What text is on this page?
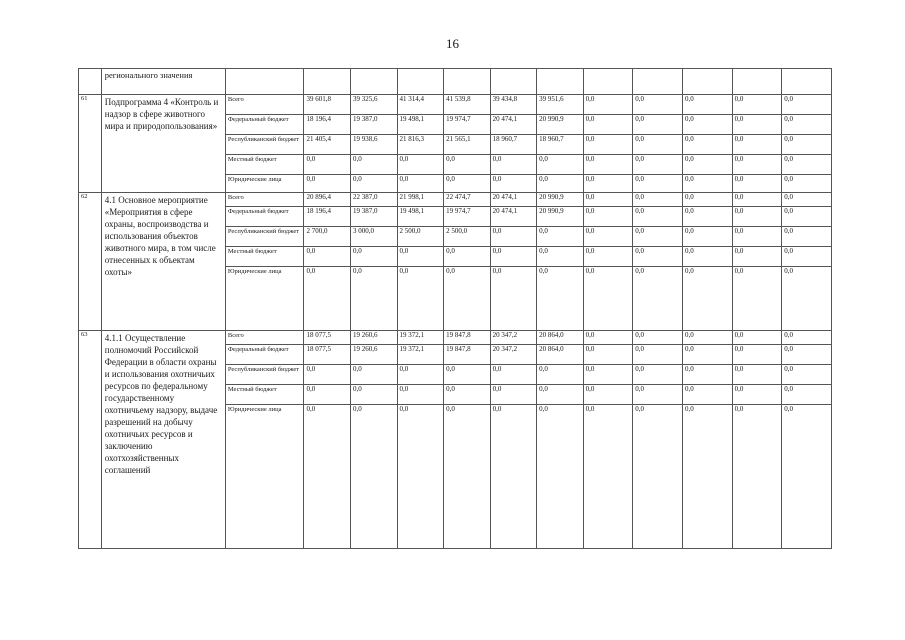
16
	регионального значения												
61	Подпрограмма 4 «Контроль и надзор в сфере животного мира и природопользования»	Всего	39 601,8	39 325,6	41 314,4	41 539,8	39 434,8	39 951,6	0,0	0,0	0,0	0,0	0,0
		Федеральный бюджет	18 196,4	19 387,0	19 498,1	19 974,7	20 474,1	20 990,9	0,0	0,0	0,0	0,0	0,0
		Республиканский бюджет	21 405,4	19 938,6	21 816,3	21 565,1	18 960,7	18 960,7	0,0	0,0	0,0	0,0	0,0
		Местный бюджет	0,0	0,0	0,0	0,0	0,0	0,0	0,0	0,0	0,0	0,0	0,0
		Юридические лица	0,0	0,0	0,0	0,0	0,0	0,0	0,0	0,0	0,0	0,0	0,0
62	4.1 Основное мероприятие «Мероприятия в сфере охраны, воспроизводства и использования объектов животного мира, в том числе отнесенных к объектам охоты»	Всего	20 896,4	22 387,0	21 998,1	22 474,7	20 474,1	20 990,9	0,0	0,0	0,0	0,0	0,0
		Федеральный бюджет	18 196,4	19 387,0	19 498,1	19 974,7	20 474,1	20 990,9	0,0	0,0	0,0	0,0	0,0
		Республиканский бюджет	2 700,0	3 000,0	2 500,0	2 500,0	0,0	0,0	0,0	0,0	0,0	0,0	0,0
		Местный бюджет	0,0	0,0	0,0	0,0	0,0	0,0	0,0	0,0	0,0	0,0	0,0
		Юридические лица	0,0	0,0	0,0	0,0	0,0	0,0	0,0	0,0	0,0	0,0	0,0
63	4.1.1 Осуществление полномочий Российской Федерации в области охраны и использования охотничьих ресурсов по федеральному государственному охотничьему надзору, выдаче разрешений на добычу охотничьих ресурсов и заключению охотхозяйственных соглашений	Всего	18 077,5	19 260,6	19 372,1	19 847,8	20 347,2	20 864,0	0,0	0,0	0,0	0,0	0,0
		Федеральный бюджет	18 077,5	19 260,6	19 372,1	19 847,8	20 347,2	20 864,0	0,0	0,0	0,0	0,0	0,0
		Республиканский бюджет	0,0	0,0	0,0	0,0	0,0	0,0	0,0	0,0	0,0	0,0	0,0
		Местный бюджет	0,0	0,0	0,0	0,0	0,0	0,0	0,0	0,0	0,0	0,0	0,0
		Юридические лица	0,0	0,0	0,0	0,0	0,0	0,0	0,0	0,0	0,0	0,0	0,0
